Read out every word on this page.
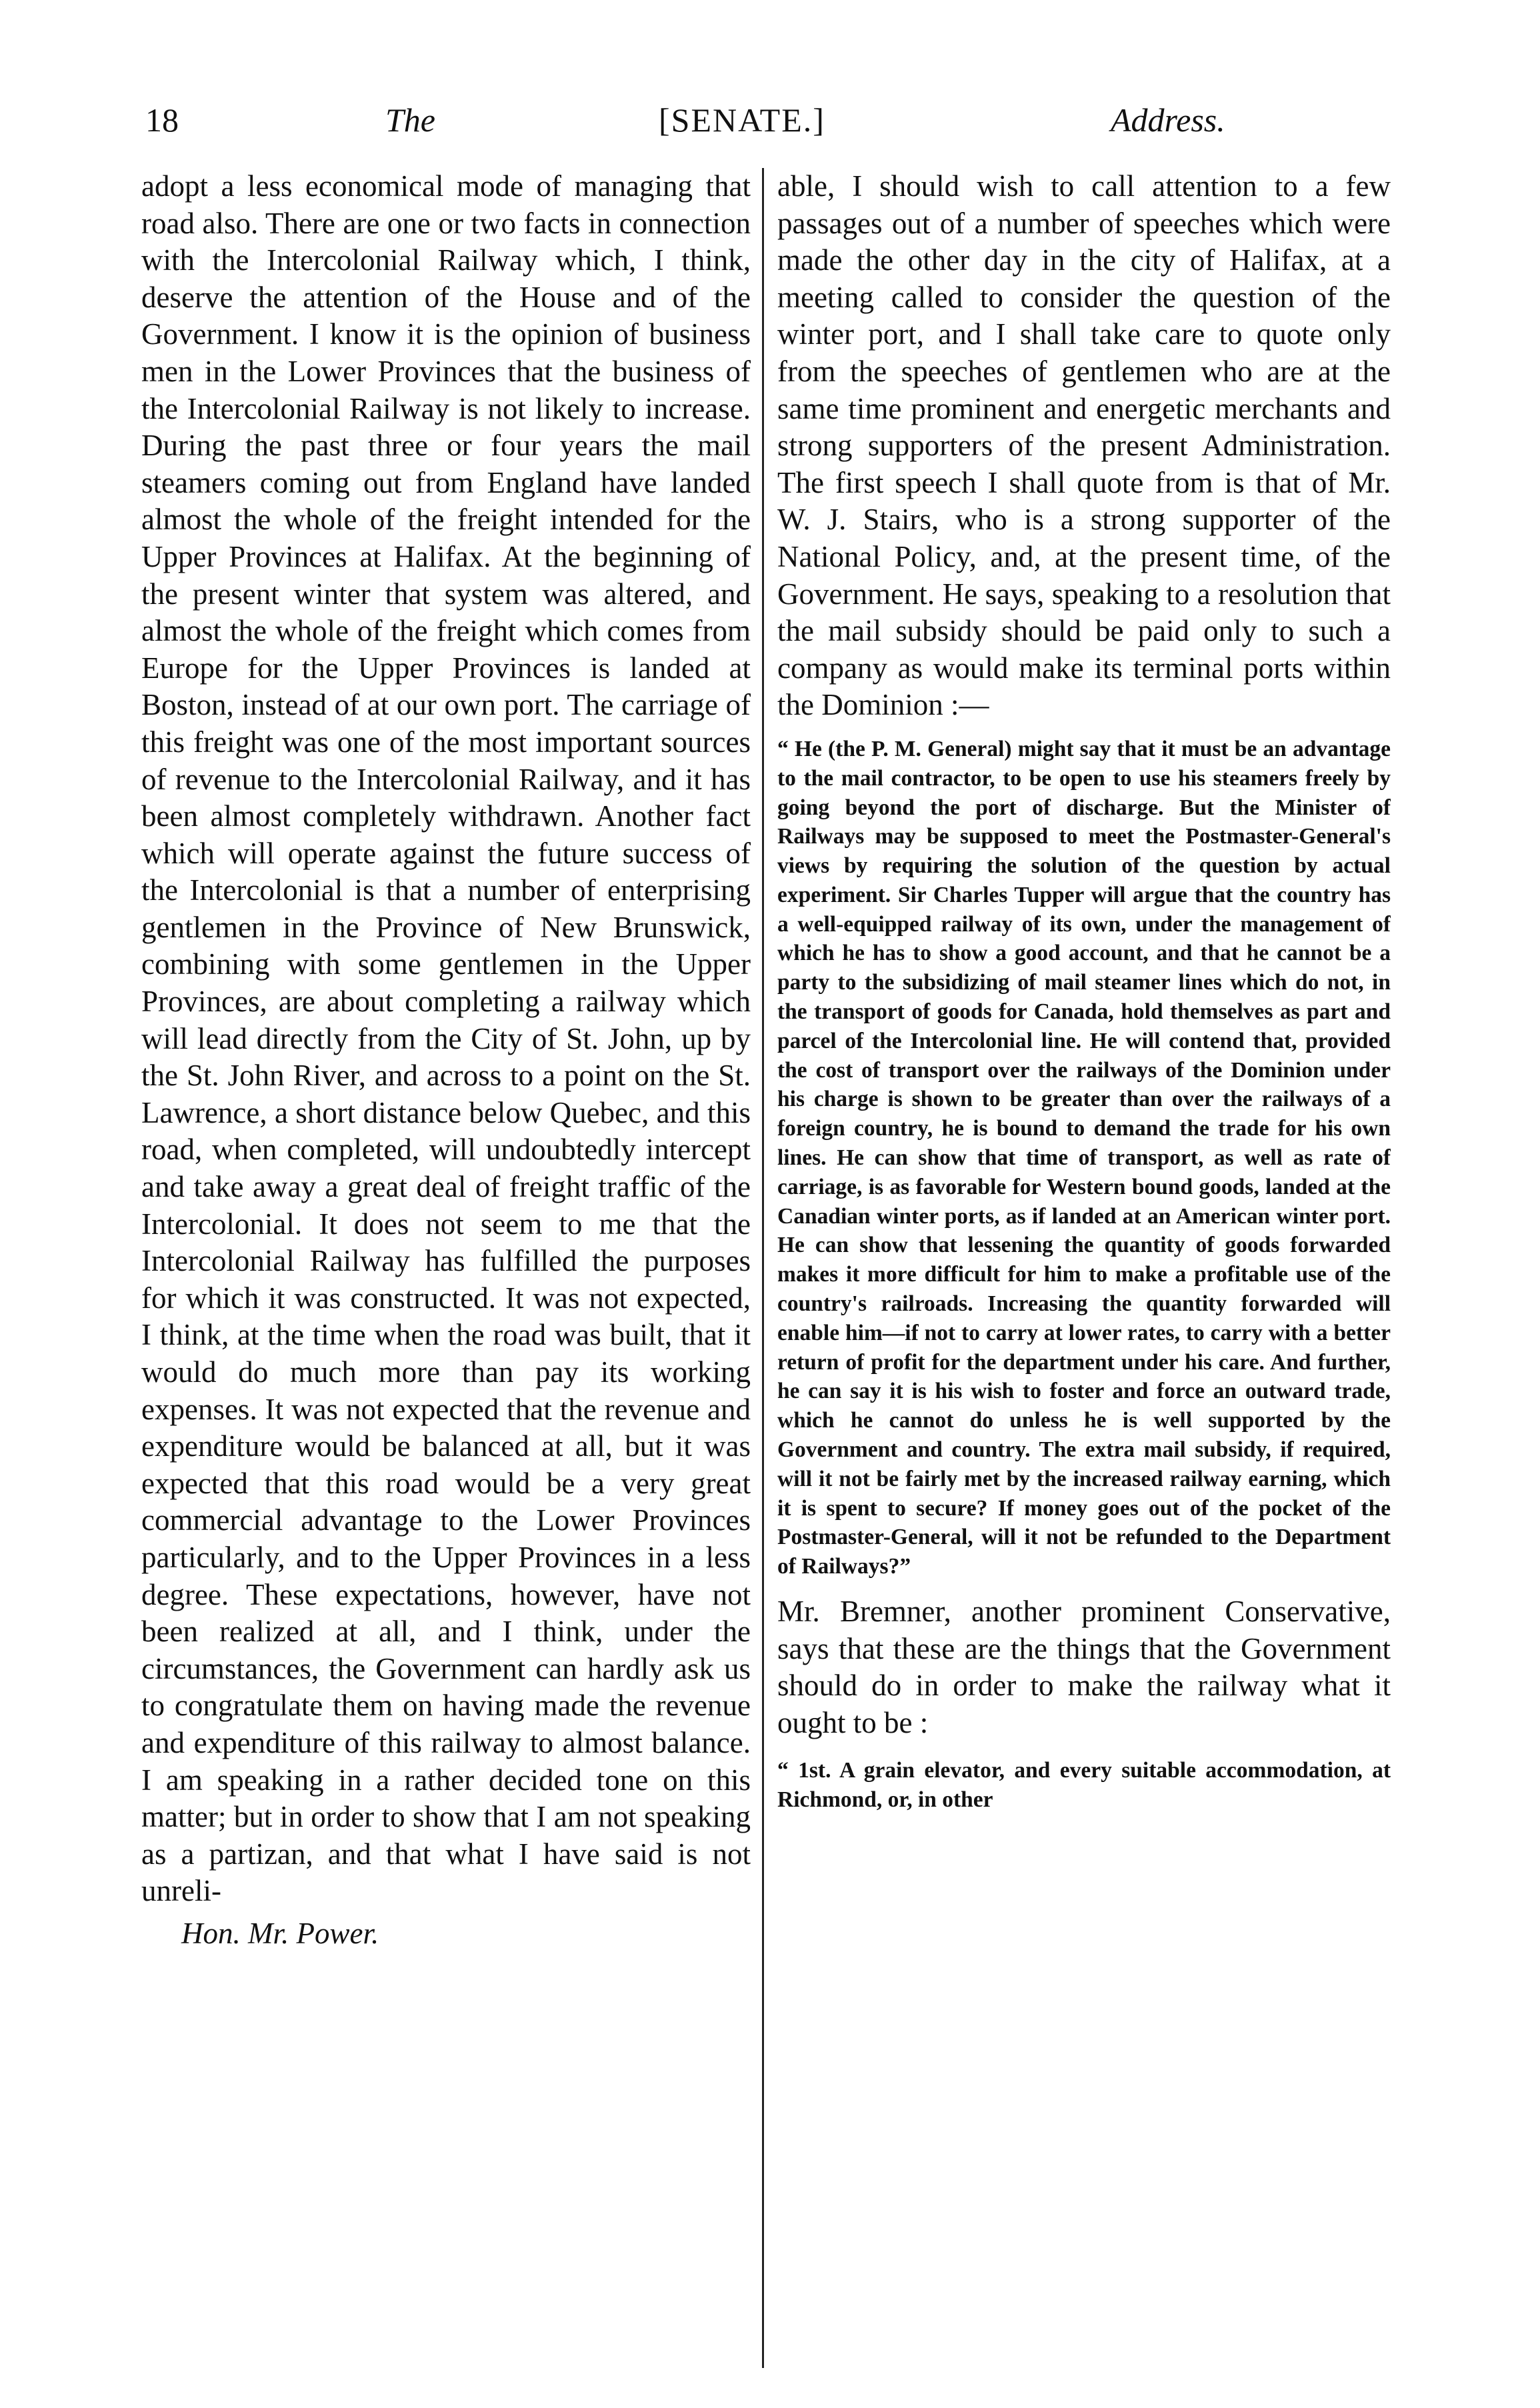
18	The	[SENATE.]	Address.

adopt a less economical mode of managing that road also. There are one or two facts in connection with the Intercolonial Railway which, I think, deserve the attention of the House and of the Government. I know it is the opinion of business men in the Lower Provinces that the business of the Intercolonial Railway is not likely to increase. During the past three or four years the mail steamers coming out from England have landed almost the whole of the freight intended for the Upper Provinces at Halifax. At the beginning of the present winter that system was altered, and almost the whole of the freight which comes from Europe for the Upper Provinces is landed at Boston, instead of at our own port. The carriage of this freight was one of the most important sources of revenue to the Intercolonial Railway, and it has been almost completely withdrawn. Another fact which will operate against the future success of the Intercolonial is that a number of enterprising gentlemen in the Province of New Brunswick, combining with some gentlemen in the Upper Provinces, are about completing a railway which will lead directly from the City of St. John, up by the St. John River, and across to a point on the St. Lawrence, a short distance below Quebec, and this road, when completed, will undoubtedly intercept and take away a great deal of freight traffic of the Intercolonial. It does not seem to me that the Intercolonial Railway has fulfilled the purposes for which it was constructed. It was not expected, I think, at the time when the road was built, that it would do much more than pay its working expenses. It was not expected that the revenue and expenditure would be balanced at all, but it was expected that this road would be a very great commercial advantage to the Lower Provinces particularly, and to the Upper Provinces in a less degree. These expectations, however, have not been realized at all, and I think, under the circumstances, the Government can hardly ask us to congratulate them on having made the revenue and expenditure of this railway to almost balance. I am speaking in a rather decided tone on this matter; but in order to show that I am not speaking as a partizan, and that what I have said is not unreli-

Hon. Mr. Power.

able, I should wish to call attention to a few passages out of a number of speeches which were made the other day in the city of Halifax, at a meeting called to consider the question of the winter port, and I shall take care to quote only from the speeches of gentlemen who are at the same time prominent and energetic merchants and strong supporters of the present Administration. The first speech I shall quote from is that of Mr. W. J. Stairs, who is a strong supporter of the National Policy, and, at the present time, of the Government. He says, speaking to a resolution that the mail subsidy should be paid only to such a company as would make its terminal ports within the Dominion :—

“ He (the P. M. General) might say that it must be an advantage to the mail contractor, to be open to use his steamers freely by going beyond the port of discharge. But the Minister of Railways may be supposed to meet the Postmaster-General's views by requiring the solution of the question by actual experiment. Sir Charles Tupper will argue that the country has a well-equipped railway of its own, under the management of which he has to show a good account, and that he cannot be a party to the subsidizing of mail steamer lines which do not, in the transport of goods for Canada, hold themselves as part and parcel of the Intercolonial line. He will contend that, provided the cost of transport over the railways of the Dominion under his charge is shown to be greater than over the railways of a foreign country, he is bound to demand the trade for his own lines. He can show that time of transport, as well as rate of carriage, is as favorable for Western bound goods, landed at the Canadian winter ports, as if landed at an American winter port. He can show that lessening the quantity of goods forwarded makes it more difficult for him to make a profitable use of the country's railroads. Increasing the quantity forwarded will enable him—if not to carry at lower rates, to carry with a better return of profit for the department under his care. And further, he can say it is his wish to foster and force an outward trade, which he cannot do unless he is well supported by the Government and country. The extra mail subsidy, if required, will it not be fairly met by the increased railway earning, which it is spent to secure? If money goes out of the pocket of the Postmaster-General, will it not be refunded to the Department of Railways?”

Mr. Bremner, another prominent Conservative, says that these are the things that the Government should do in order to make the railway what it ought to be :

“ 1st. A grain elevator, and every suitable accommodation, at Richmond, or, in other
